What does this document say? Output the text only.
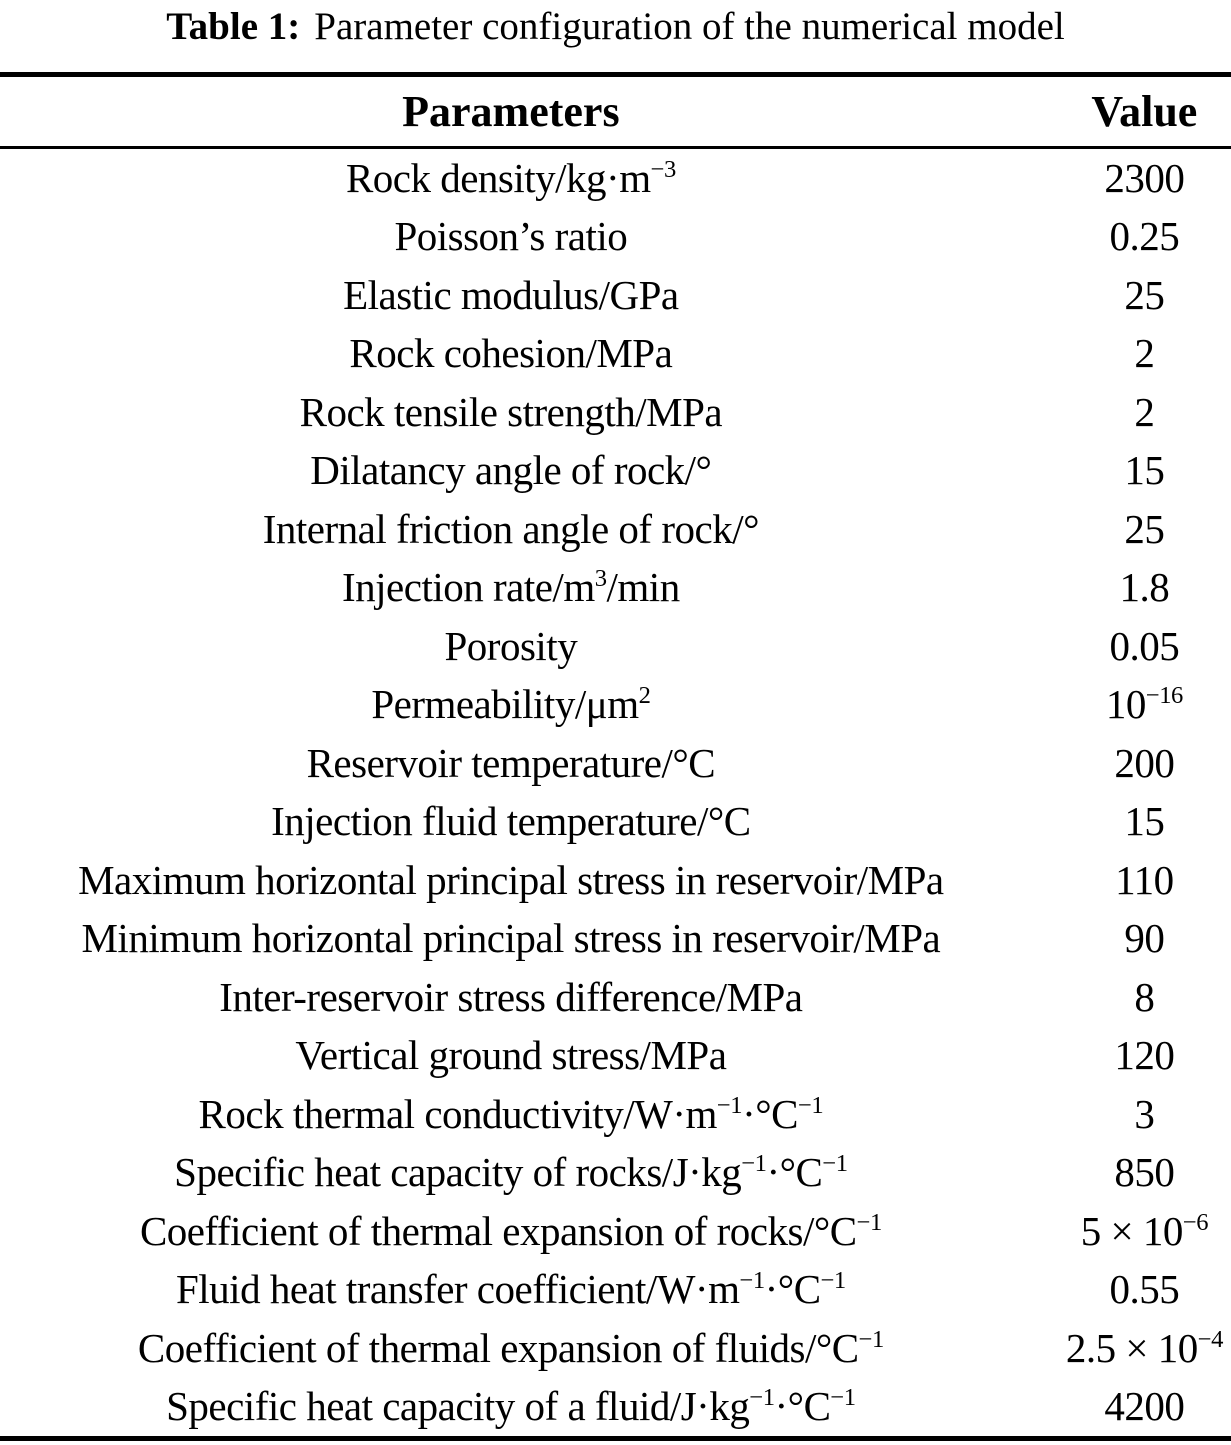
Table 1: Parameter configuration of the numerical model
Parameters	Value
Rock density/$kg\cdot m^{-3}$	2300
Poisson’s ratio	0.25
Elastic modulus/GPa	25
Rock cohesion/MPa	2
Rock tensile strength/MPa	2
Dilatancy angle of rock/°	15
Internal friction angle of rock/°	25
Injection rate/$m^3/\min$	1.8
Porosity	0.05
Permeability/$\mu m^2$	$10^{-16}$
Reservoir temperature/°C	200
Injection fluid temperature/°C	15
Maximum horizontal principal stress in reservoir/MPa	110
Minimum horizontal principal stress in reservoir/MPa	90
Inter-reservoir stress difference/MPa	8
Vertical ground stress/MPa	120
Rock thermal conductivity/$W\cdot m^{-1}\cdot^\circ C^{-1}$	3
Specific heat capacity of rocks/$J\cdot kg^{-1}\cdot^\circ C^{-1}$	850
Coefficient of thermal expansion of rocks/$^\circ C^{-1}$	$5 \times 10^{-6}$
Fluid heat transfer coefficient/$W\cdot m^{-1}\cdot^\circ C^{-1}$	0.55
Coefficient of thermal expansion of fluids/$^\circ C^{-1}$	$2.5 \times 10^{-4}$
Specific heat capacity of a fluid/$J\cdot kg^{-1}\cdot^\circ C^{-1}$	4200
